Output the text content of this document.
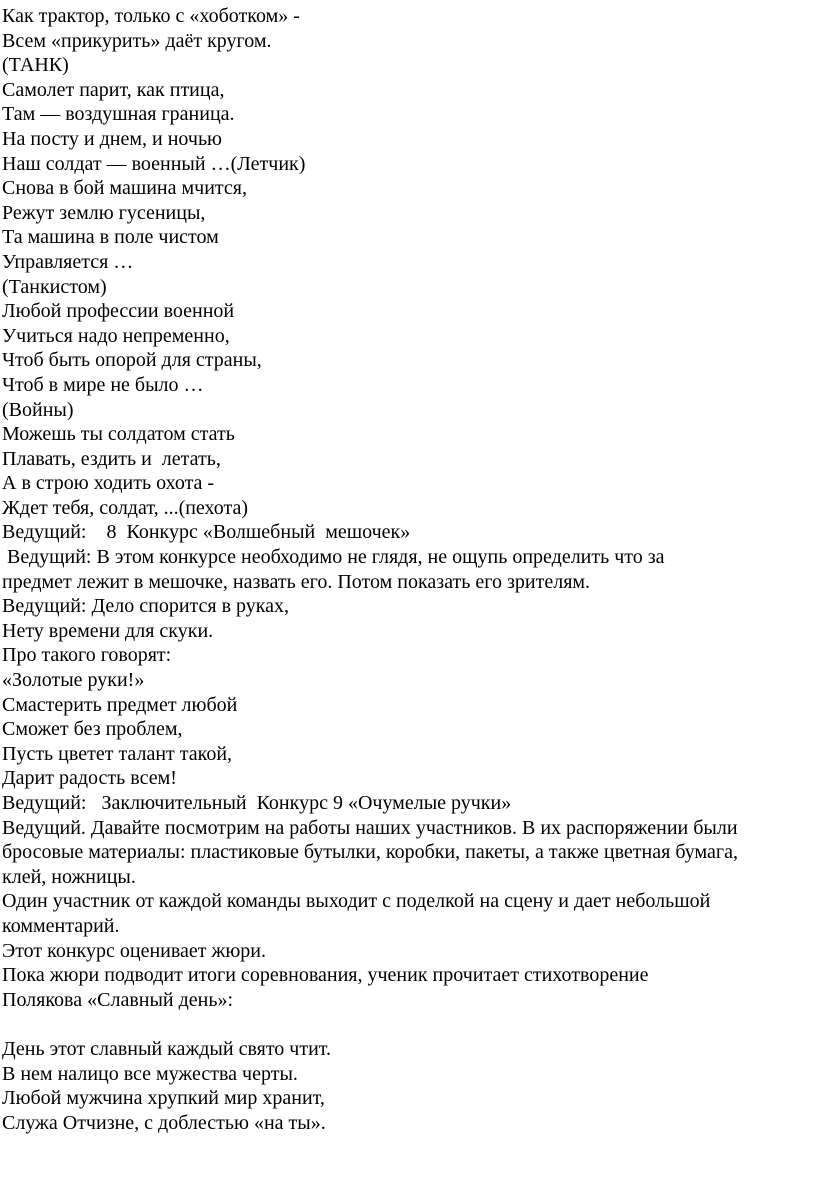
Как трактор, только с «хоботком» -
Всем «прикурить» даёт кругом.
(ТАНК)
Самолет парит, как птица,
Там — воздушная граница.
На посту и днем, и ночью
Наш солдат — военный …(Летчик)
Снова в бой машина мчится,
Режут землю гусеницы,
Та машина в поле чистом
Управляется …
(Танкистом)
Любой профессии военной
Учиться надо непременно,
Чтоб быть опорой для страны,
Чтоб в мире не было …
(Войны)
Можешь ты солдатом стать
Плавать, ездить и  летать,
А в строю ходить охота -
Ждет тебя, солдат, ...(пехота)
Ведущий:    8  Конкурс «Волшебный  мешочек»
Ведущий: В этом конкурсе необходимо не глядя, не ощупь определить что за
предмет лежит в мешочке, назвать его. Потом показать его зрителям.
Ведущий: Дело спорится в руках,
Нету времени для скуки.
Про такого говорят:
«Золотые руки!»
Смастерить предмет любой
Сможет без проблем,
Пусть цветет талант такой,
Дарит радость всем!
Ведущий:   Заключительный  Конкурс 9 «Очумелые ручки»
Ведущий. Давайте посмотрим на работы наших участников. В их распоряжении были
бросовые материалы: пластиковые бутылки, коробки, пакеты, а также цветная бумага,
клей, ножницы.
Один участник от каждой команды выходит с поделкой на сцену и дает небольшой
комментарий.
Этот конкурс оценивает жюри.
Пока жюри подводит итоги соревнования, ученик прочитает стихотворение
Полякова «Славный день»:
День этот славный каждый свято чтит.
В нем налицо все мужества черты.
Любой мужчина хрупкий мир хранит,
Служа Отчизне, с доблестью «на ты».
